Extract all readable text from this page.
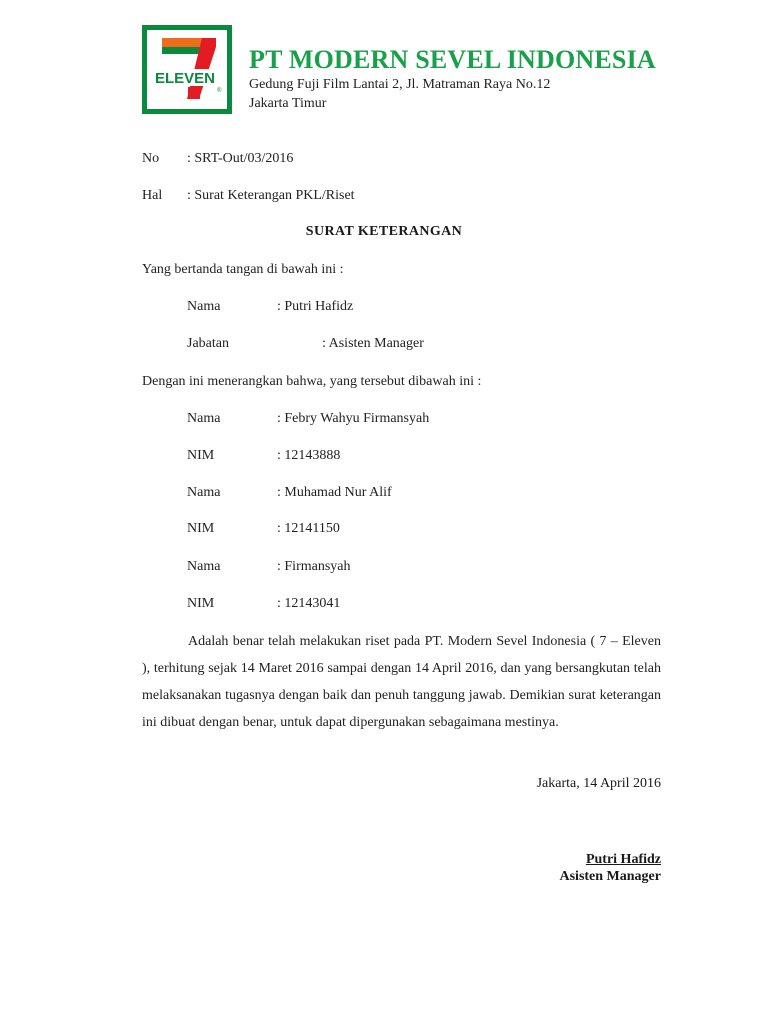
ELEVEN
®
PT MODERN SEVEL INDONESIA
Gedung Fuji Film Lantai 2, Jl. Matraman Raya No.12
Jakarta Timur
No : SRT-Out/03/2016
Hal : Surat Keterangan PKL/Riset
SURAT KETERANGAN
Yang bertanda tangan di bawah ini :
Nama	: Putri Hafidz
Jabatan	: Asisten Manager
Dengan ini menerangkan bahwa, yang tersebut dibawah ini :
Nama	: Febry Wahyu Firmansyah
NIM	: 12143888
Nama	: Muhamad Nur Alif
NIM	: 12141150
Nama	: Firmansyah
NIM	: 12143041
Adalah benar telah melakukan riset pada PT. Modern Sevel Indonesia ( 7 – Eleven ), terhitung sejak 14 Maret 2016 sampai dengan 14 April 2016, dan yang bersangkutan telah melaksanakan tugasnya dengan baik dan penuh tanggung jawab. Demikian surat keterangan ini dibuat dengan benar, untuk dapat dipergunakan sebagaimana mestinya.
Jakarta, 14 April 2016
Putri Hafidz
Asisten Manager
